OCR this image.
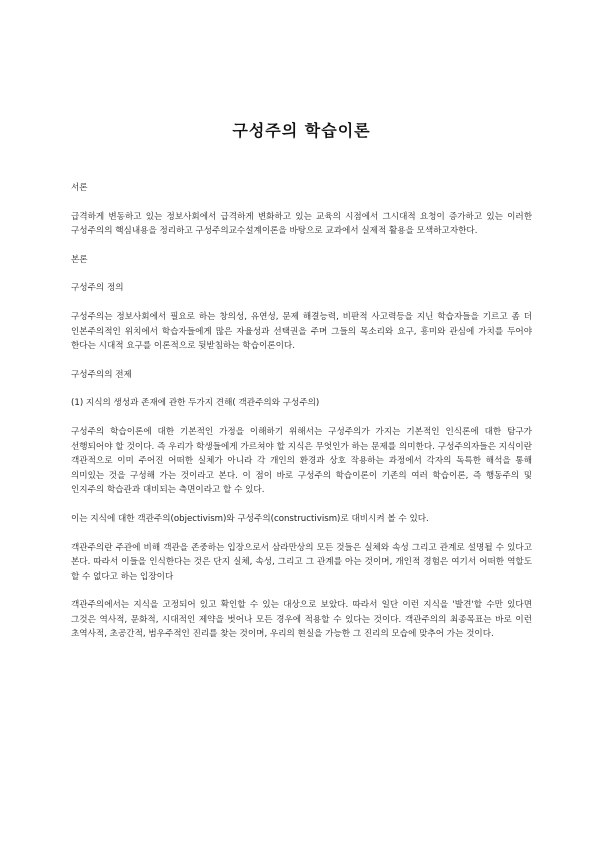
구성주의 학습이론

서론

급격하게 변동하고 있는 정보사회에서 급격하게 변화하고 있는 교육의 시점에서 그시대적 요청이 증가하고 있는 이러한 구성주의의 핵심내용을 정리하고 구성주의교수설계이론을 바탕으로 교과에서 실제적 활용을 모색하고자한다.

본론

구성주의 정의

구성주의는 정보사회에서 필요로 하는 창의성, 유연성, 문제 해결능력, 비판적 사고력등을 지닌 학습자들을 기르고 좀 더 인본주의적인 위치에서 학습자들에게 많은 자율성과 선택권을 주며 그들의 목소리와 요구, 흥미와 관심에 가치를 두어야 한다는 시대적 요구를 이론적으로 뒷받침하는 학습이론이다.

구성주의의 전제

(1) 지식의 생성과 존재에 관한 두가지 견해( 객관주의와 구성주의)

구성주의 학습이론에 대한 기본적인 가정을 이해하기 위해서는 구성주의가 가지는 기본적인 인식론에 대한 탐구가 선행되어야 할 것이다. 즉 우리가 학생들에게 가르쳐야 할 지식은 무엇인가 하는 문제를 의미한다. 구성주의자들은 지식이란 객관적으로 이미 주어진 어떠한 실체가 아니라 각 개인의 환경과 상호 작용하는 과정에서 각자의 독특한 해석을 통해 의미있는 것을 구성해 가는 것이라고 본다. 이 점이 바로 구성주의 학습이론이 기존의 여러 학습이론, 즉 행동주의 및 인지주의 학습관과 대비되는 측면이라고 할 수 있다.

이는 지식에 대한 객관주의(objectivism)와 구성주의(constructivism)로 대비시켜 볼 수 있다.

객관주의란 주관에 비해 객관을 존중하는 입장으로서 삼라만상의 모든 것들은 실체와 속성 그리고 관계로 설명될 수 있다고 본다. 따라서 이들을 인식한다는 것은 단지 실체, 속성, 그리고 그 관계를 아는 것이며, 개인적 경험은 여기서 어떠한 역할도 할 수 없다고 하는 입장이다

객관주의에서는 지식을 고정되어 있고 확인할 수 있는 대상으로 보았다. 따라서 일단 이런 지식을 '발견'할 수만 있다면 그것은 역사적, 문화적, 시대적인 제약을 벗어나 모든 경우에 적용할 수 있다는 것이다. 객관주의의 최종목표는 바로 이런 초역사적, 초공간적, 범우주적인 진리를 찾는 것이며, 우리의 현실을 가능한 그 진리의 모습에 맞추어 가는 것이다.
